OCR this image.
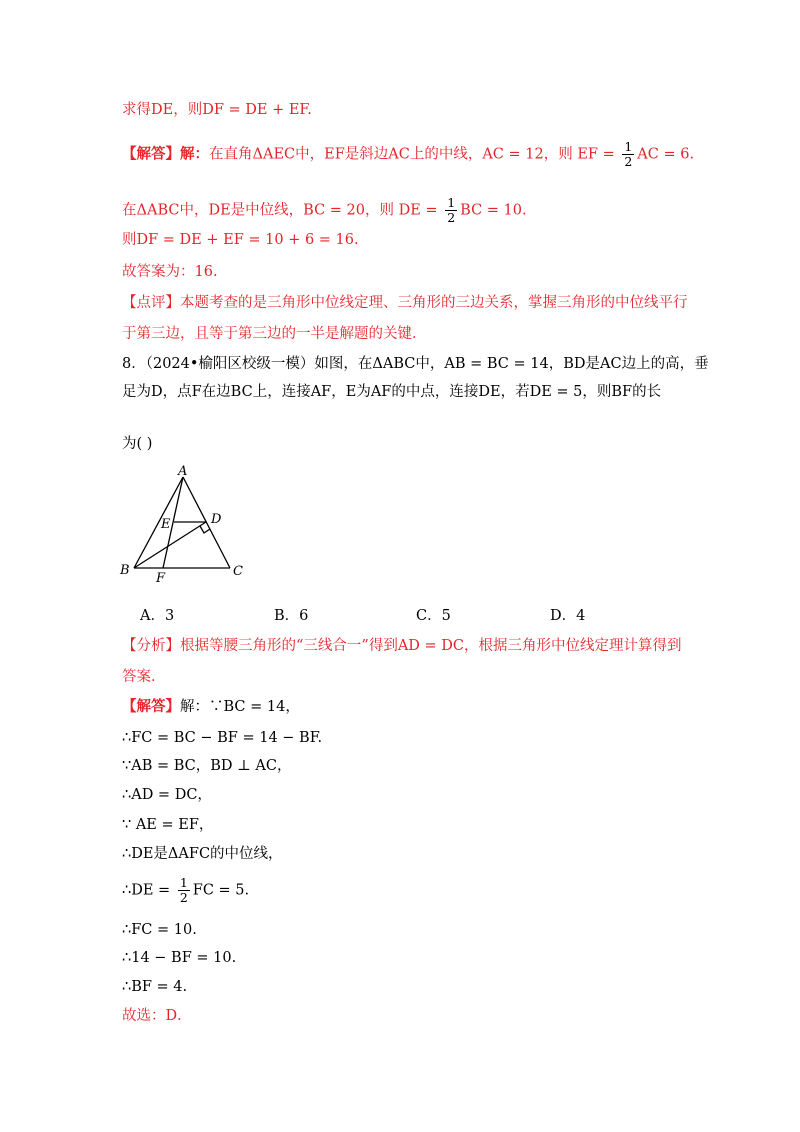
求得DE，则DF = DE + EF.
【解答】解：在直角ΔAEC中，EF是斜边AC上的中线，AC = 12，则 EF = $\frac{1}{2}$ AC = 6.
在ΔABC中，DE是中位线，BC = 20，则 DE = $\frac{1}{2}$ BC = 10.
则DF = DE + EF = 10 + 6 = 16.
故答案为：16.
【点评】本题考查的是三角形中位线定理、三角形的三边关系，掌握三角形的中位线平行
于第三边，且等于第三边的一半是解题的关键．
8．（2024•榆阳区校级一模）如图，在ΔABC中，AB = BC = 14，BD是AC边上的高，垂
足为D，点F在边BC上，连接AF，E为AF的中点，连接DE，若DE = 5，则BF的长
为( )
A
B	C
D
E
F
A．3	B．6	C．5	D．4
【分析】根据等腰三角形的“三线合一”得到AD = DC，根据三角形中位线定理计算得到
答案．
【解答】解：∵BC = 14，
∴FC = BC − BF = 14 − BF.
∵AB = BC，BD ⊥ AC，
∴AD = DC，
∵ AE = EF，
∴DE是ΔAFC的中位线，
∴DE = $\frac{1}{2}$ FC = 5.
∴FC = 10.
∴14 − BF = 10.
∴BF = 4.
故选：D．
